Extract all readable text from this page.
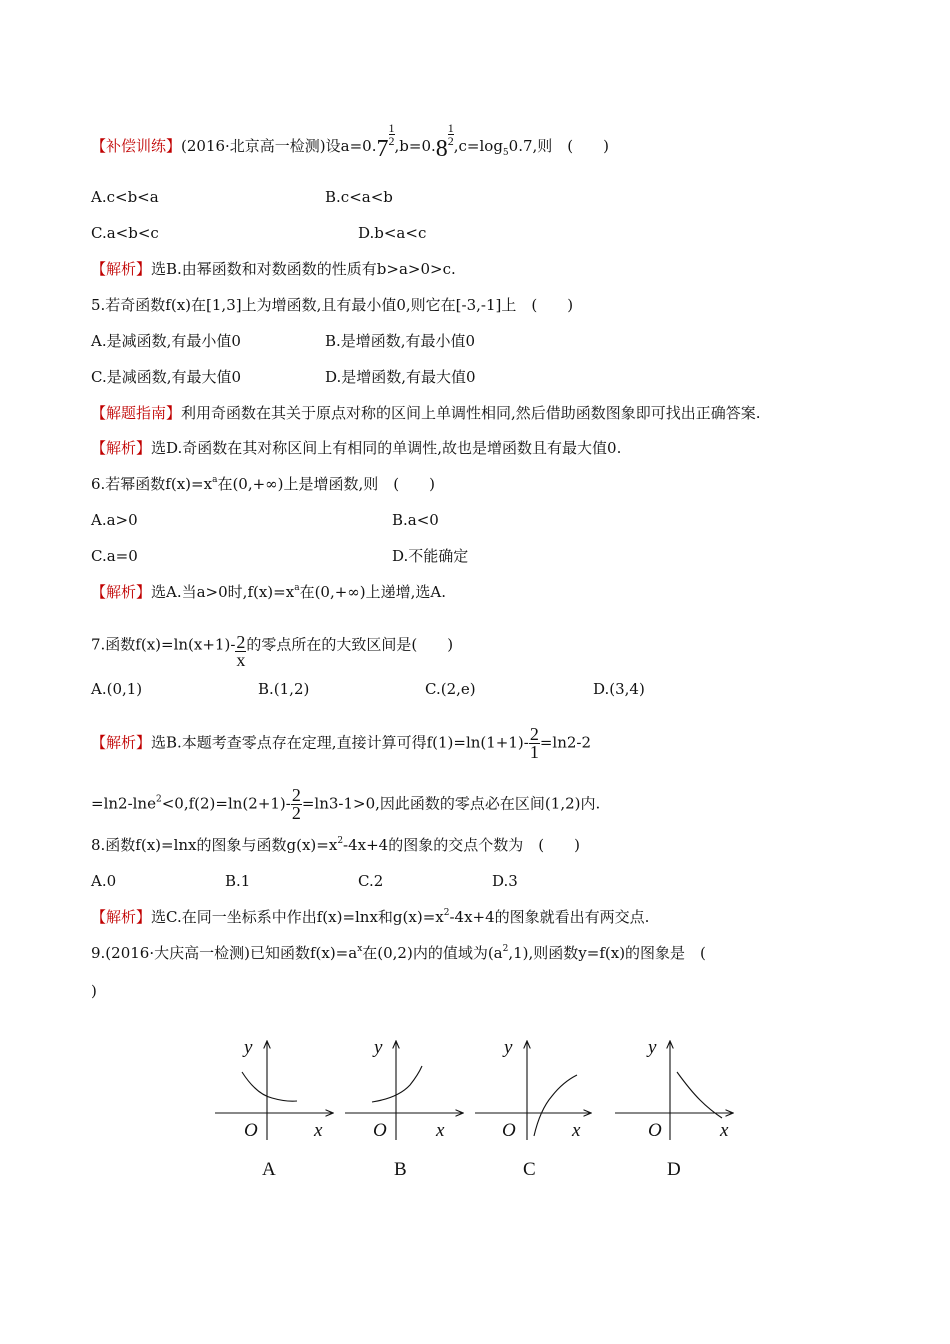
【补偿训练】(2016·北京高一检测)设a=0.7
$\frac{1}{2} ,b=0.8$
$\frac{1}{2} ,c=\log_50.7$,则　(　　)
A.c<b<a	B.c<a<b
C.a<b<c	D.b<a<c
【解析】选B.由幂函数和对数函数的性质有b>a>0>c.
5.若奇函数f(x)在[1,3]上为增函数,且有最小值0,则它在[-3,-1]上　(　　)
A.是减函数,有最小值0	B.是增函数,有最小值0
C.是减函数,有最大值0	D.是增函数,有最大值0
【解题指南】利用奇函数在其关于原点对称的区间上单调性相同,然后借助函数图象即可找出正确答案.
【解析】选D.奇函数在其对称区间上有相同的单调性,故也是增函数且有最大值0.
6.若幂函数$f(x)=x^a$在(0,+∞)上是增函数,则　(　　)
A.a>0	B.a<0
C.a=0	D.不能确定
【解析】选A.当a>0时$,f(x)=x^a$在(0,+∞)上递增,选A.
7.函数$f(x)=\ln(x+1)- \frac{2}{x}$ 的零点所在的大致区间是(　　)
A.(0,1)	B.(1,2)	C.(2,e)	D.(3,4)
【解析】选B.本题考查零点存在定理,直接计算可得$f(1)=\ln(1+1)- \frac{2}{1} =\ln 2-2$
$=\ln 2-\ln e^2<0,f(2)=\ln(2+1)- \frac{2}{2} =\ln 3-1>0$,因此函数的零点必在区间(1,2)内.
8.函数f(x)=lnx的图象与函数$g(x)=x^2-4x+4$的图象的交点个数为　(　　)
A.0	B.1	C.2	D.3
【解析】选C.在同一坐标系中作出f(x)=lnx和$g(x)=x^2-4x+4$的图象就看出有两交点.
9.(2016·大庆高一检测)已知函数$f(x)=a^x$在(0,2)内的值域为$(a^2,1)$,则函数y=f(x)的图象是　(
)
y
O	x
A
y
O	x
B
y
O	x
C
y
O	x
D
